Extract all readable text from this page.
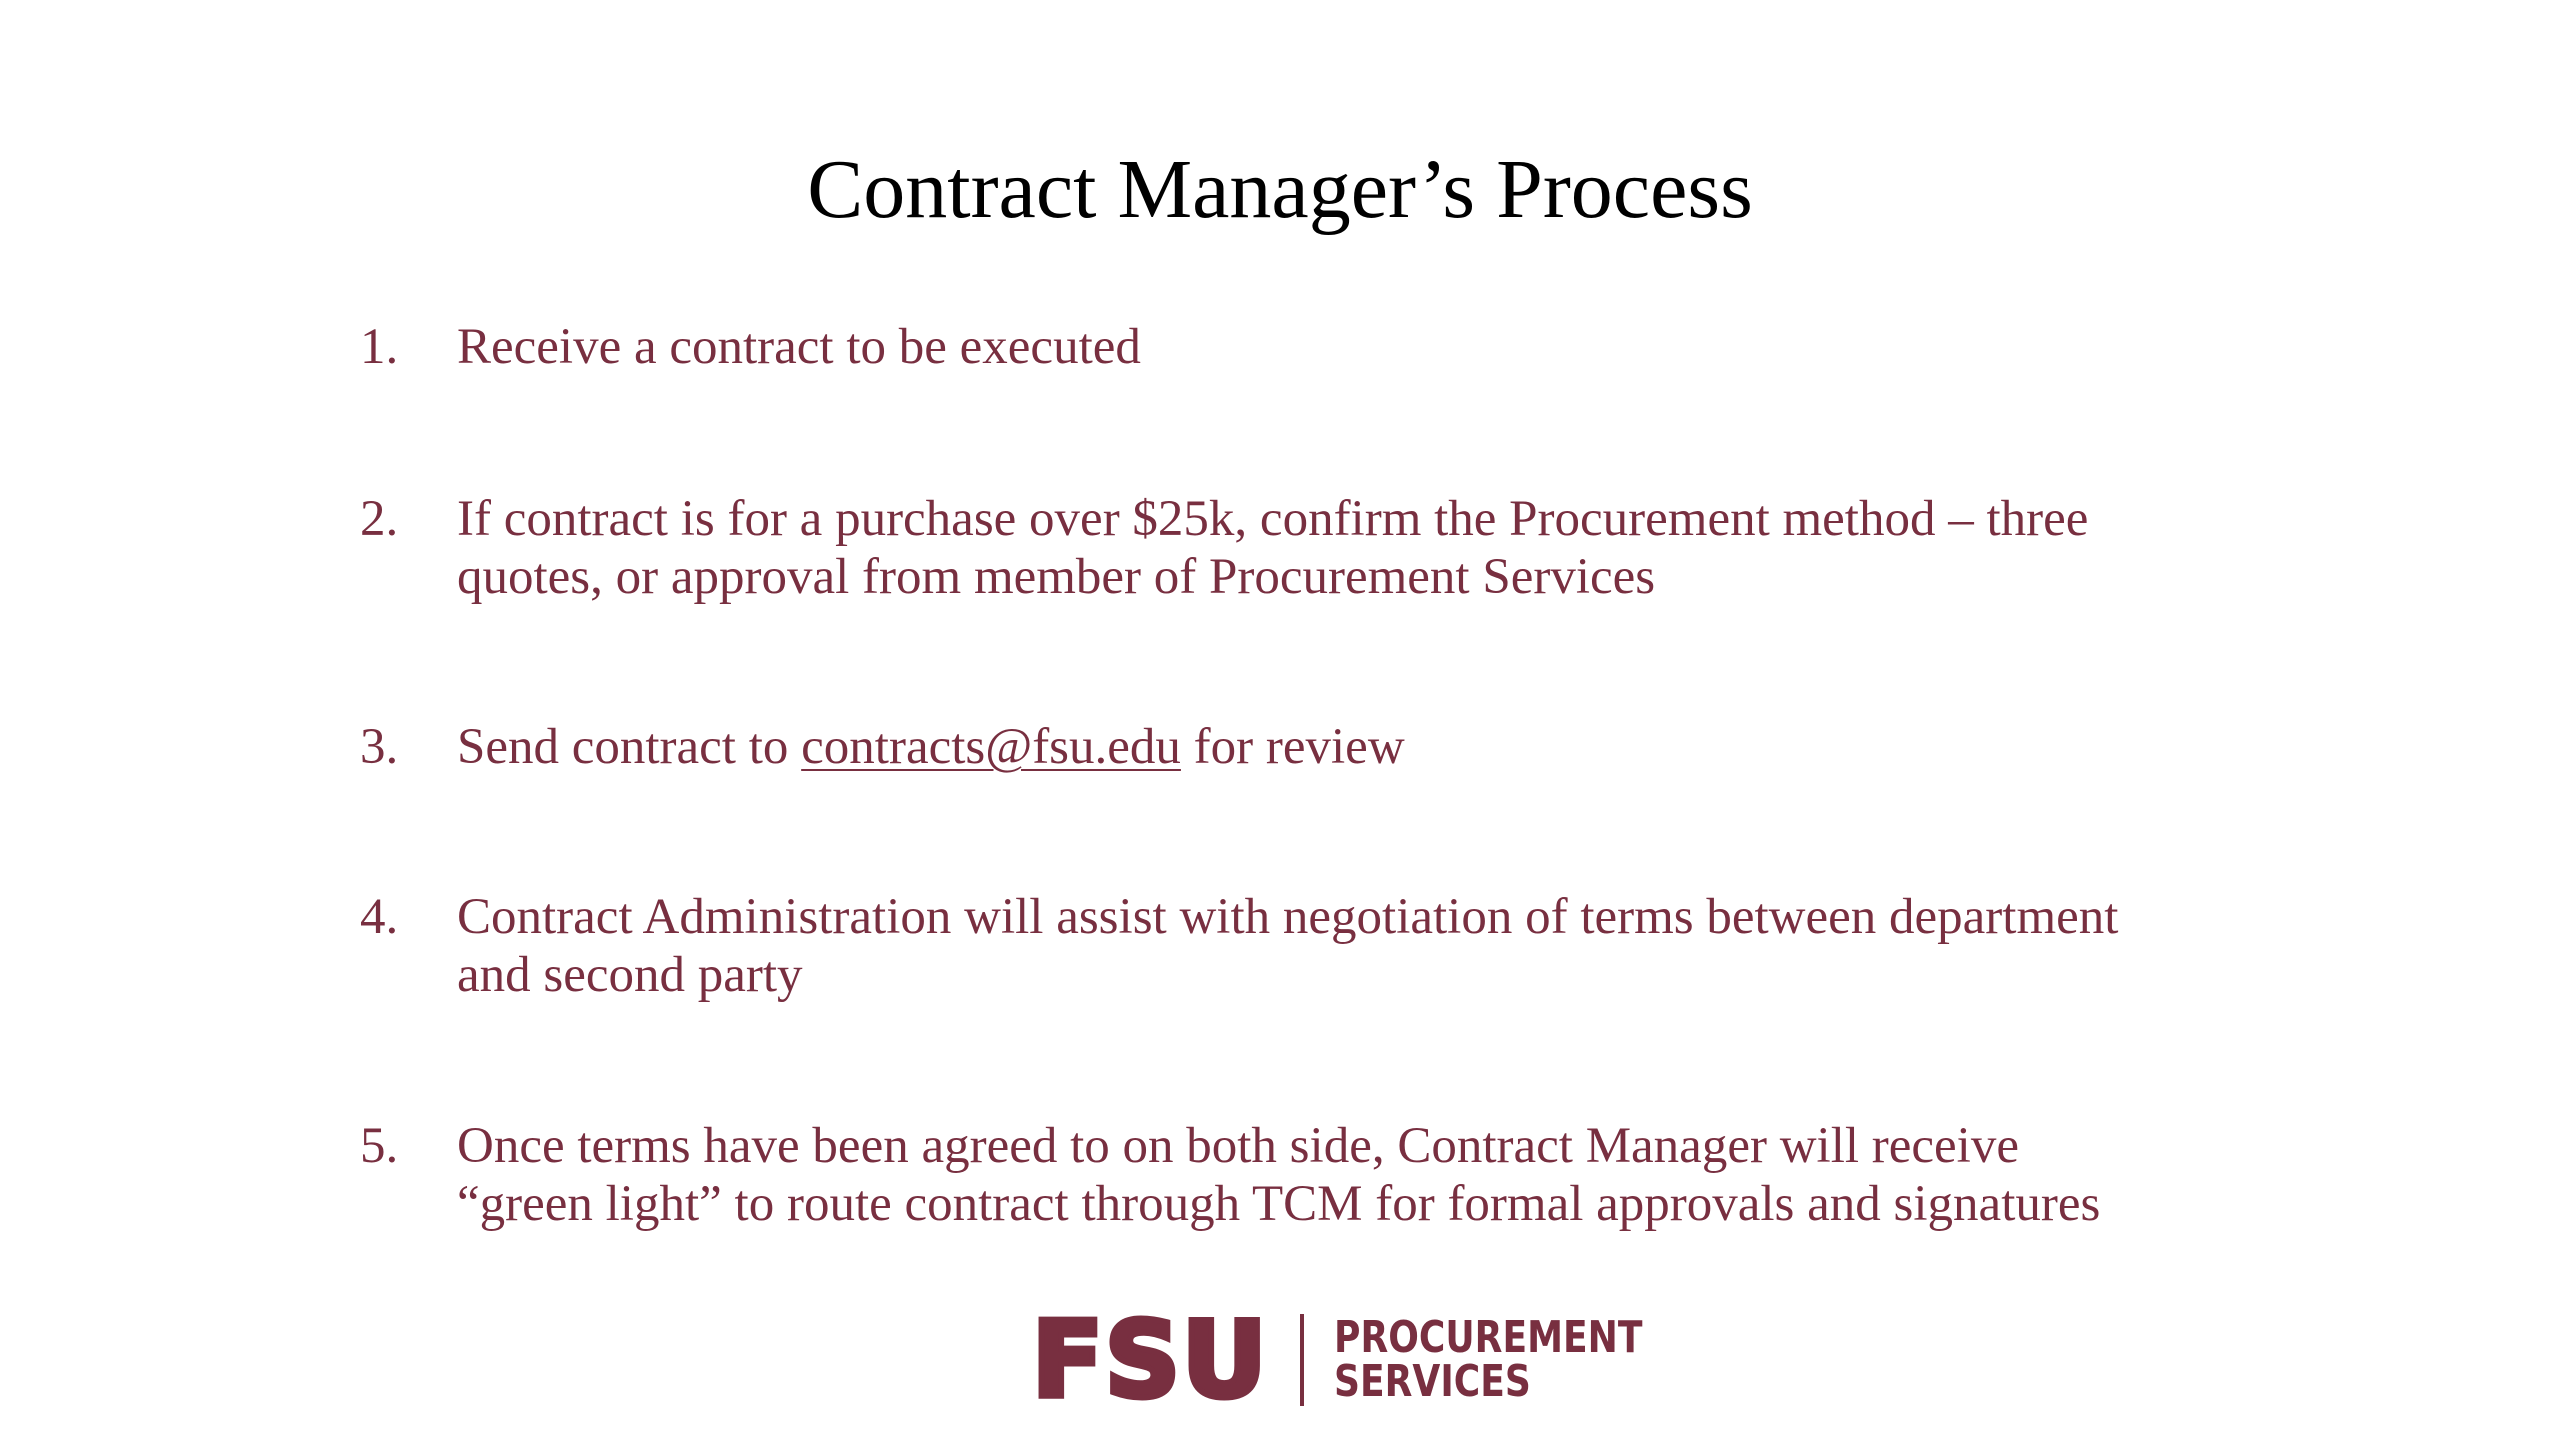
Contract Manager’s Process
1.	Receive a contract to be executed
2.	If contract is for a purchase over $25k, confirm the Procurement method – three
quotes, or approval from member of Procurement Services
3.	Send contract to contracts@fsu.edu for review
4.	Contract Administration will assist with negotiation of terms between department
and second party
5.	Once terms have been agreed to on both side, Contract Manager will receive
“green light” to route contract through TCM for formal approvals and signatures
FSU PROCUREMENT
SERVICES
